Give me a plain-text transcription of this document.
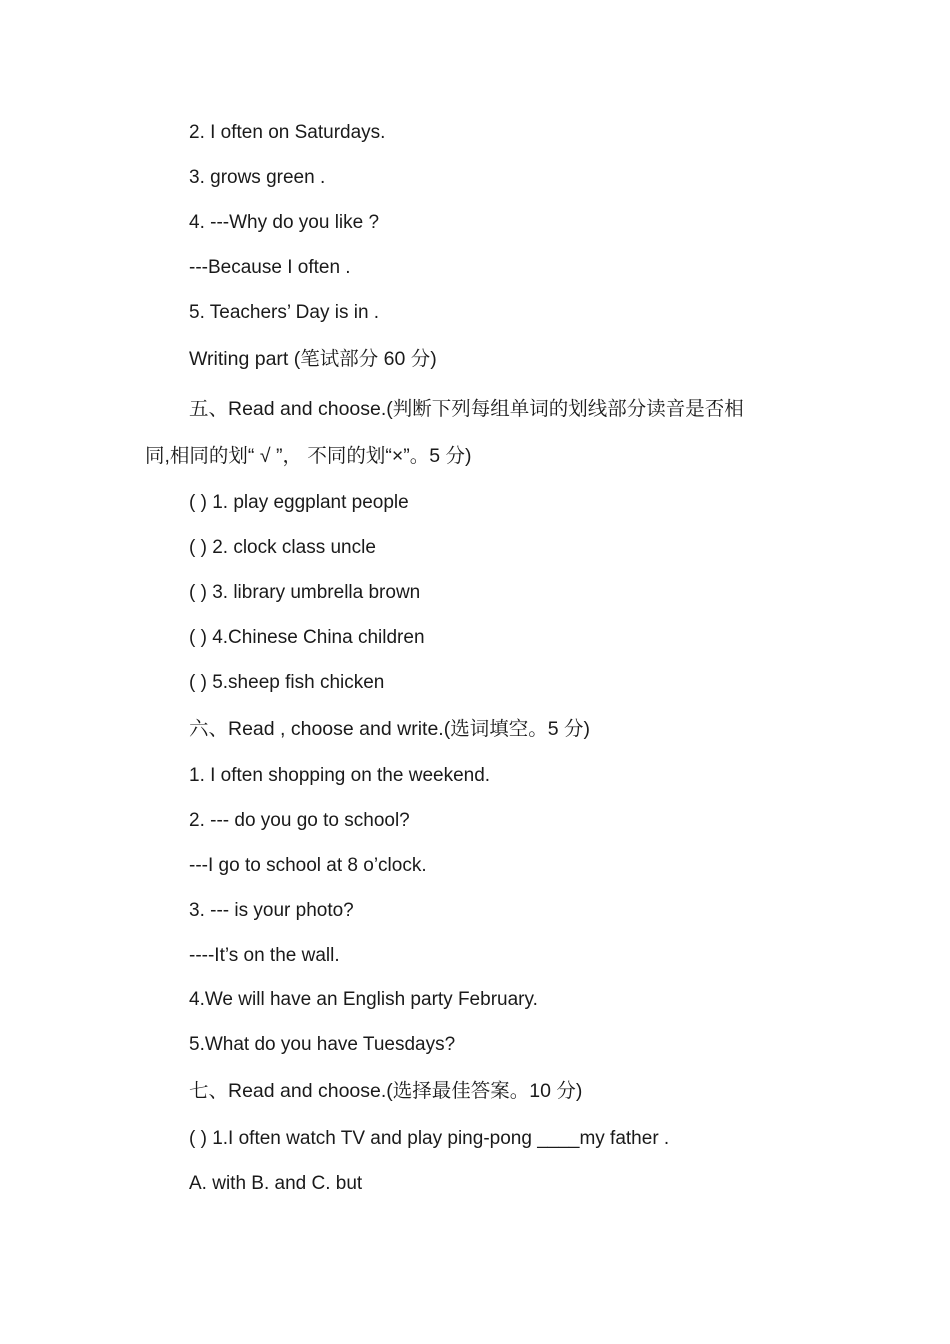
2. I often on Saturdays.
3. grows green .
4. ---Why do you like ?
---Because I often .
5. Teachers’ Day is in .
Writing part (笔试部分 60 分)
五、Read and choose.(判断下列每组单词的划线部分读音是否相
同,相同的划“ √ ”， 不同的划“×”。5 分)
( ) 1. play eggplant people
( ) 2. clock class uncle
( ) 3. library umbrella brown
( ) 4.Chinese China children
( ) 5.sheep fish chicken
六、Read , choose and write.(选词填空。5 分)
1. I often shopping on the weekend.
2. --- do you go to school?
---I go to school at 8 o’clock.
3. --- is your photo?
----It’s on the wall.
4.We will have an English party February.
5.What do you have Tuesdays?
七、Read and choose.(选择最佳答案。10 分)
( ) 1.I often watch TV and play ping-pong ____my father .
A. with B. and C. but
